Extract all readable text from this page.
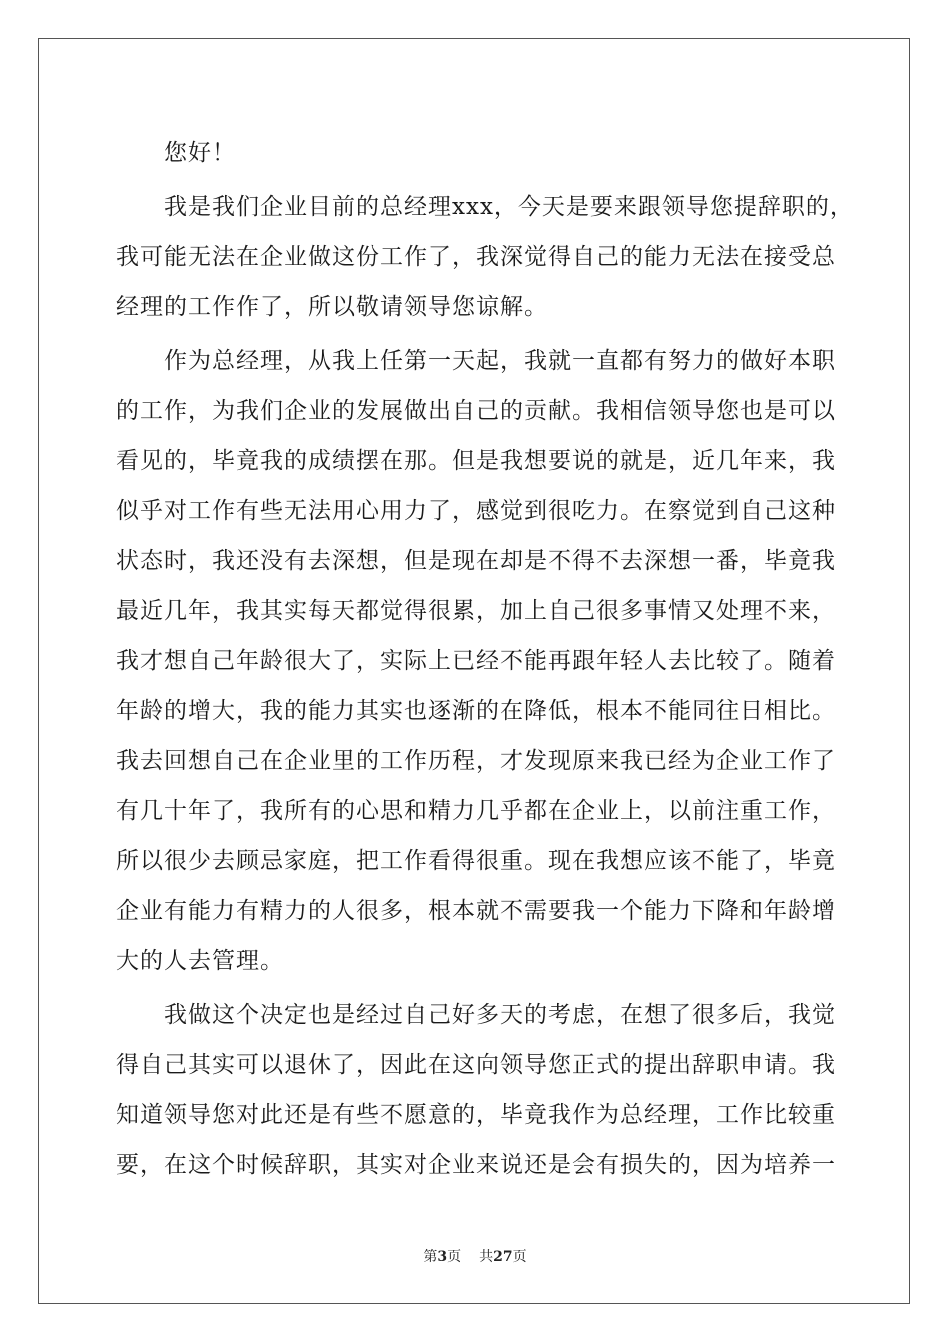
您好！
我是我们企业目前的总经理xxx，今天是要来跟领导您提辞职的，
我可能无法在企业做这份工作了，我深觉得自己的能力无法在接受总
经理的工作作了，所以敬请领导您谅解。
作为总经理，从我上任第一天起，我就一直都有努力的做好本职
的工作，为我们企业的发展做出自己的贡献。我相信领导您也是可以
看见的，毕竟我的成绩摆在那。但是我想要说的就是，近几年来，我
似乎对工作有些无法用心用力了，感觉到很吃力。在察觉到自己这种
状态时，我还没有去深想，但是现在却是不得不去深想一番，毕竟我
最近几年，我其实每天都觉得很累，加上自己很多事情又处理不来，
我才想自己年龄很大了，实际上已经不能再跟年轻人去比较了。随着
年龄的增大，我的能力其实也逐渐的在降低，根本不能同往日相比。
我去回想自己在企业里的工作历程，才发现原来我已经为企业工作了
有几十年了，我所有的心思和精力几乎都在企业上，以前注重工作，
所以很少去顾忌家庭，把工作看得很重。现在我想应该不能了，毕竟
企业有能力有精力的人很多，根本就不需要我一个能力下降和年龄增
大的人去管理。
我做这个决定也是经过自己好多天的考虑，在想了很多后，我觉
得自己其实可以退休了，因此在这向领导您正式的提出辞职申请。我
知道领导您对此还是有些不愿意的，毕竟我作为总经理，工作比较重
要，在这个时候辞职，其实对企业来说还是会有损失的，因为培养一
第3页 共27页
